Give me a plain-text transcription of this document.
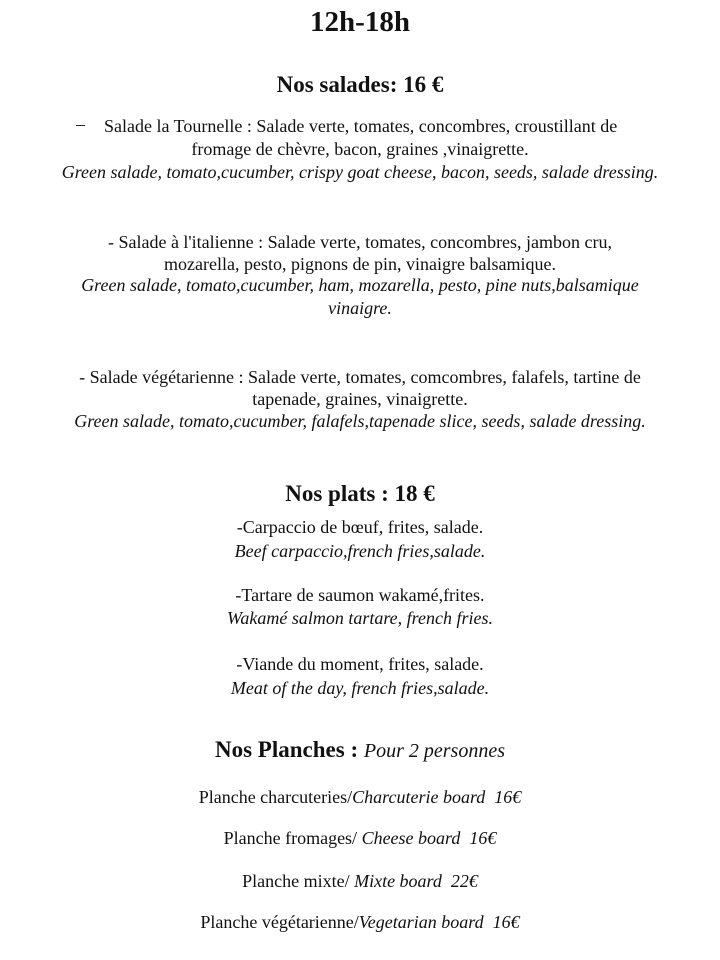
12h-18h
Nos salades: 16 €
– Salade la Tournelle : Salade verte, tomates, concombres, croustillant de
fromage de chèvre, bacon, graines ,vinaigrette.
Green salade, tomato,cucumber, crispy goat cheese, bacon, seeds, salade dressing.
- Salade à l'italienne : Salade verte, tomates, concombres, jambon cru,
mozarella, pesto, pignons de pin, vinaigre balsamique.
Green salade, tomato,cucumber, ham, mozarella, pesto, pine nuts,balsamique
vinaigre.
- Salade végétarienne : Salade verte, tomates, comcombres, falafels, tartine de
tapenade, graines, vinaigrette.
Green salade, tomato,cucumber, falafels,tapenade slice, seeds, salade dressing.
Nos plats : 18 €
-Carpaccio de bœuf, frites, salade.
Beef carpaccio,french fries,salade.
-Tartare de saumon wakamé,frites.
Wakamé salmon tartare, french fries.
-Viande du moment, frites, salade.
Meat of the day, french fries,salade.
Nos Planches : Pour 2 personnes
Planche charcuteries/Charcuterie board 16€
Planche fromages/ Cheese board 16€
Planche mixte/ Mixte board 22€
Planche végétarienne/Vegetarian board 16€
